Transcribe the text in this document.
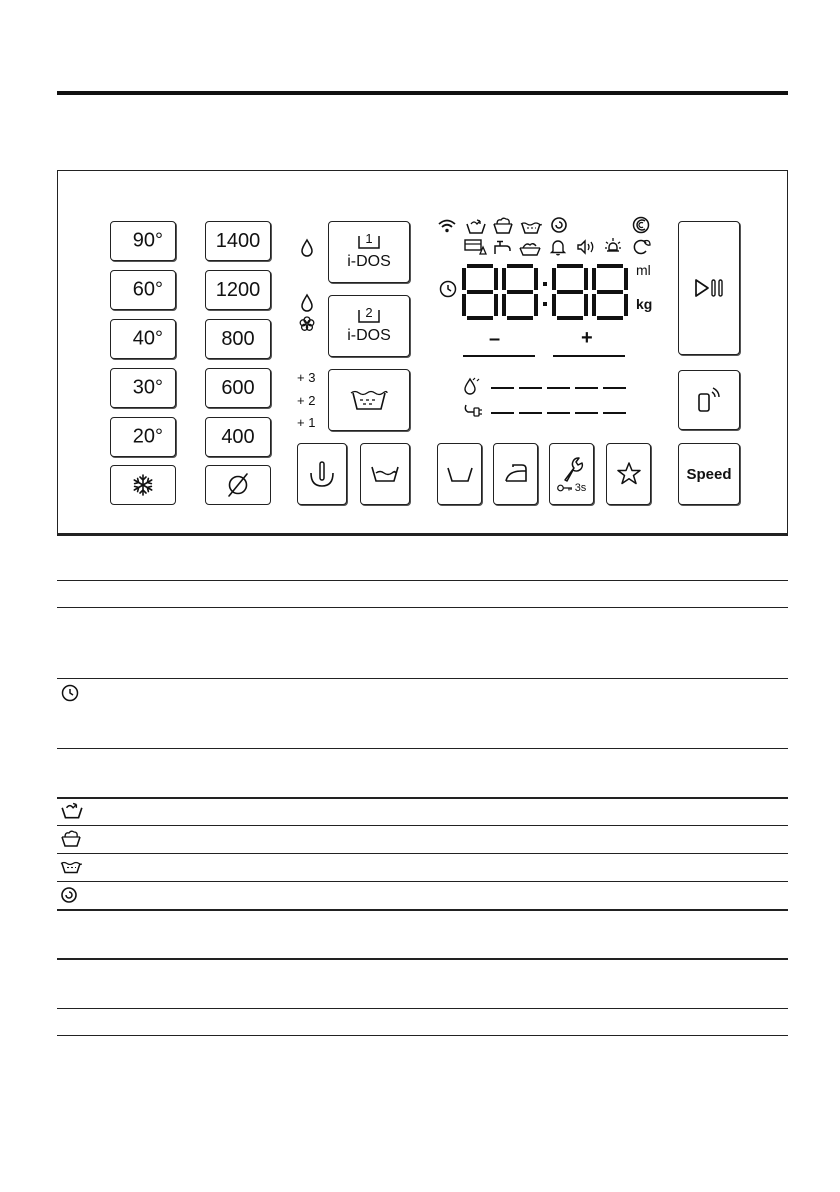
90°
60°
40°
30°
20°
1400
1200
800
600
400
1
i-DOS
2
i-DOS
+ 3
+ 2
+ 1
3s
ml
kg
–	+
Speed
